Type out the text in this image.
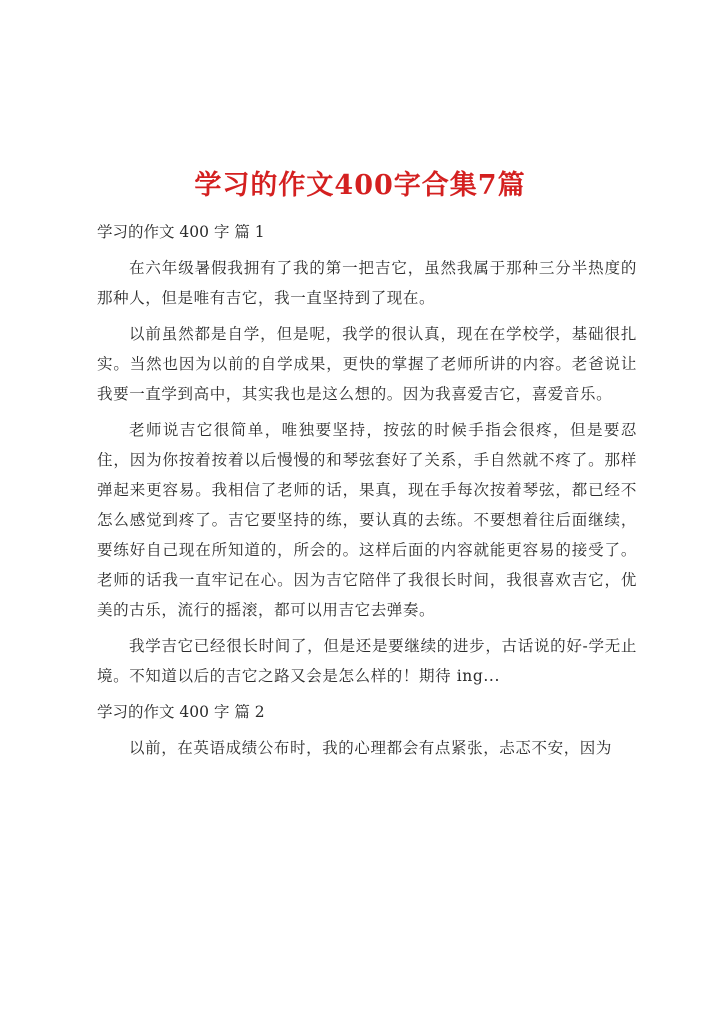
学习的作文400字合集7篇
学习的作文 400 字 篇 1

在六年级暑假我拥有了我的第一把吉它，虽然我属于那种三分半热度的那种人，但是唯有吉它，我一直坚持到了现在。

以前虽然都是自学，但是呢，我学的很认真，现在在学校学，基础很扎实。当然也因为以前的自学成果，更快的掌握了老师所讲的内容。老爸说让我要一直学到高中，其实我也是这么想的。因为我喜爱吉它，喜爱音乐。

老师说吉它很简单，唯独要坚持，按弦的时候手指会很疼，但是要忍住，因为你按着按着以后慢慢的和琴弦套好了关系，手自然就不疼了。那样弹起来更容易。我相信了老师的话，果真，现在手每次按着琴弦，都已经不怎么感觉到疼了。吉它要坚持的练，要认真的去练。不要想着往后面继续，要练好自己现在所知道的，所会的。这样后面的内容就能更容易的接受了。老师的话我一直牢记在心。因为吉它陪伴了我很长时间，我很喜欢吉它，优美的古乐，流行的摇滚，都可以用吉它去弹奏。

我学吉它已经很长时间了，但是还是要继续的进步，古话说的好-学无止境。不知道以后的吉它之路又会是怎么样的！期待 ing...

学习的作文 400 字 篇 2

以前，在英语成绩公布时，我的心理都会有点紧张，忐忑不安，因为
